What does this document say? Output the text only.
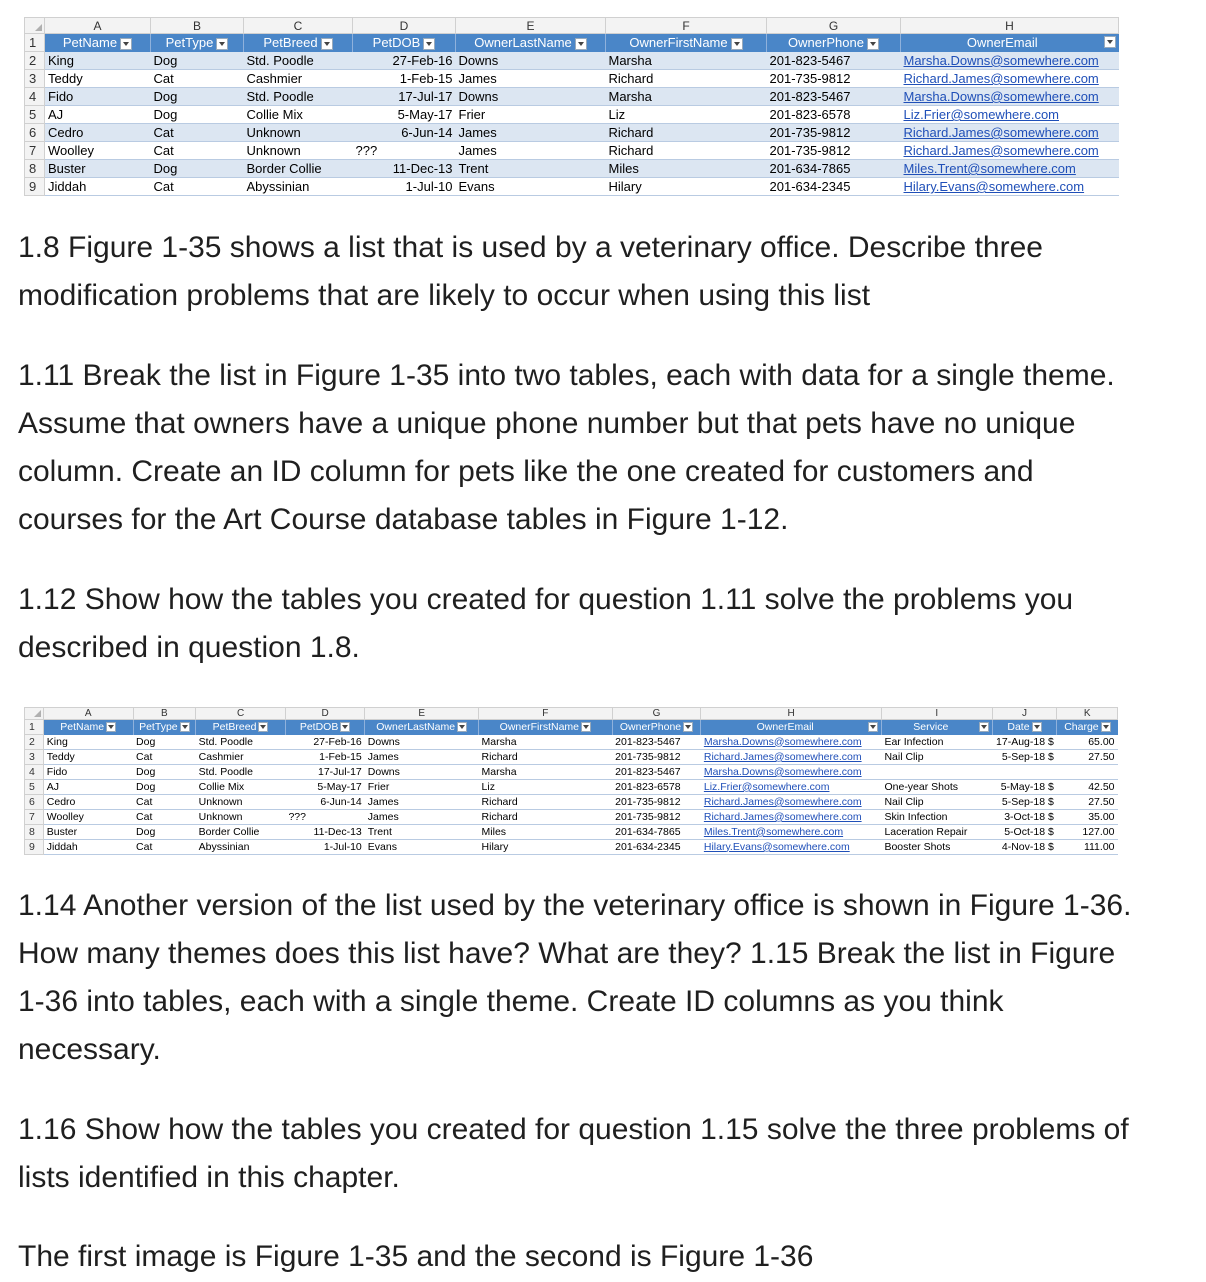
	A	B	C	D	E	F	G	H
1	PetName	PetType	PetBreed	PetDOB	OwnerLastName	OwnerFirstName	OwnerPhone	OwnerEmail

2	King	Dog	Std. Poodle	27-Feb-16	Downs	Marsha	201-823-5467	Marsha.Downs@somewhere.com
3	Teddy	Cat	Cashmier	1-Feb-15	James	Richard	201-735-9812	Richard.James@somewhere.com
4	Fido	Dog	Std. Poodle	17-Jul-17	Downs	Marsha	201-823-5467	Marsha.Downs@somewhere.com
5	AJ	Dog	Collie Mix	5-May-17	Frier	Liz	201-823-6578	Liz.Frier@somewhere.com
6	Cedro	Cat	Unknown	6-Jun-14	James	Richard	201-735-9812	Richard.James@somewhere.com
7	Woolley	Cat	Unknown	???	James	Richard	201-735-9812	Richard.James@somewhere.com
8	Buster	Dog	Border Collie	11-Dec-13	Trent	Miles	201-634-7865	Miles.Trent@somewhere.com
9	Jiddah	Cat	Abyssinian	1-Jul-10	Evans	Hilary	201-634-2345	Hilary.Evans@somewhere.com

1.8 Figure 1-35 shows a list that is used by a veterinary office. Describe three modification problems that are likely to occur when using this list

1.11 Break the list in Figure 1-35 into two tables, each with data for a single theme. Assume that owners have a unique phone number but that pets have no unique column. Create an ID column for pets like the one created for customers and courses for the Art Course database tables in Figure 1-12.

1.12 Show how the tables you created for question 1.11 solve the problems you described in question 1.8.

	A	B	C	D	E	F	G	H	I	J	K
1	PetName	PetType	PetBreed	PetDOB	OwnerLastName	OwnerFirstName	OwnerPhone	OwnerEmail	Service	Date	Charge
2	King	Dog	Std. Poodle	27-Feb-16	Downs	Marsha	201-823-5467	Marsha.Downs@somewhere.com	Ear Infection	17-Aug-18 $	65.00
3	Teddy	Cat	Cashmier	1-Feb-15	James	Richard	201-735-9812	Richard.James@somewhere.com	Nail Clip	5-Sep-18 $	27.50
4	Fido	Dog	Std. Poodle	17-Jul-17	Downs	Marsha	201-823-5467	Marsha.Downs@somewhere.com			
5	AJ	Dog	Collie Mix	5-May-17	Frier	Liz	201-823-6578	Liz.Frier@somewhere.com	One-year Shots	5-May-18 $	42.50
6	Cedro	Cat	Unknown	6-Jun-14	James	Richard	201-735-9812	Richard.James@somewhere.com	Nail Clip	5-Sep-18 $	27.50
7	Woolley	Cat	Unknown	???	James	Richard	201-735-9812	Richard.James@somewhere.com	Skin Infection	3-Oct-18 $	35.00
8	Buster	Dog	Border Collie	11-Dec-13	Trent	Miles	201-634-7865	Miles.Trent@somewhere.com	Laceration Repair	5-Oct-18 $	127.00
9	Jiddah	Cat	Abyssinian	1-Jul-10	Evans	Hilary	201-634-2345	Hilary.Evans@somewhere.com	Booster Shots	4-Nov-18 $	111.00

1.14 Another version of the list used by the veterinary office is shown in Figure 1-36. How many themes does this list have? What are they? 1.15 Break the list in Figure 1-36 into tables, each with a single theme. Create ID columns as you think necessary.

1.16 Show how the tables you created for question 1.15 solve the three problems of lists identified in this chapter.

The first image is Figure 1-35 and the second is Figure 1-36
